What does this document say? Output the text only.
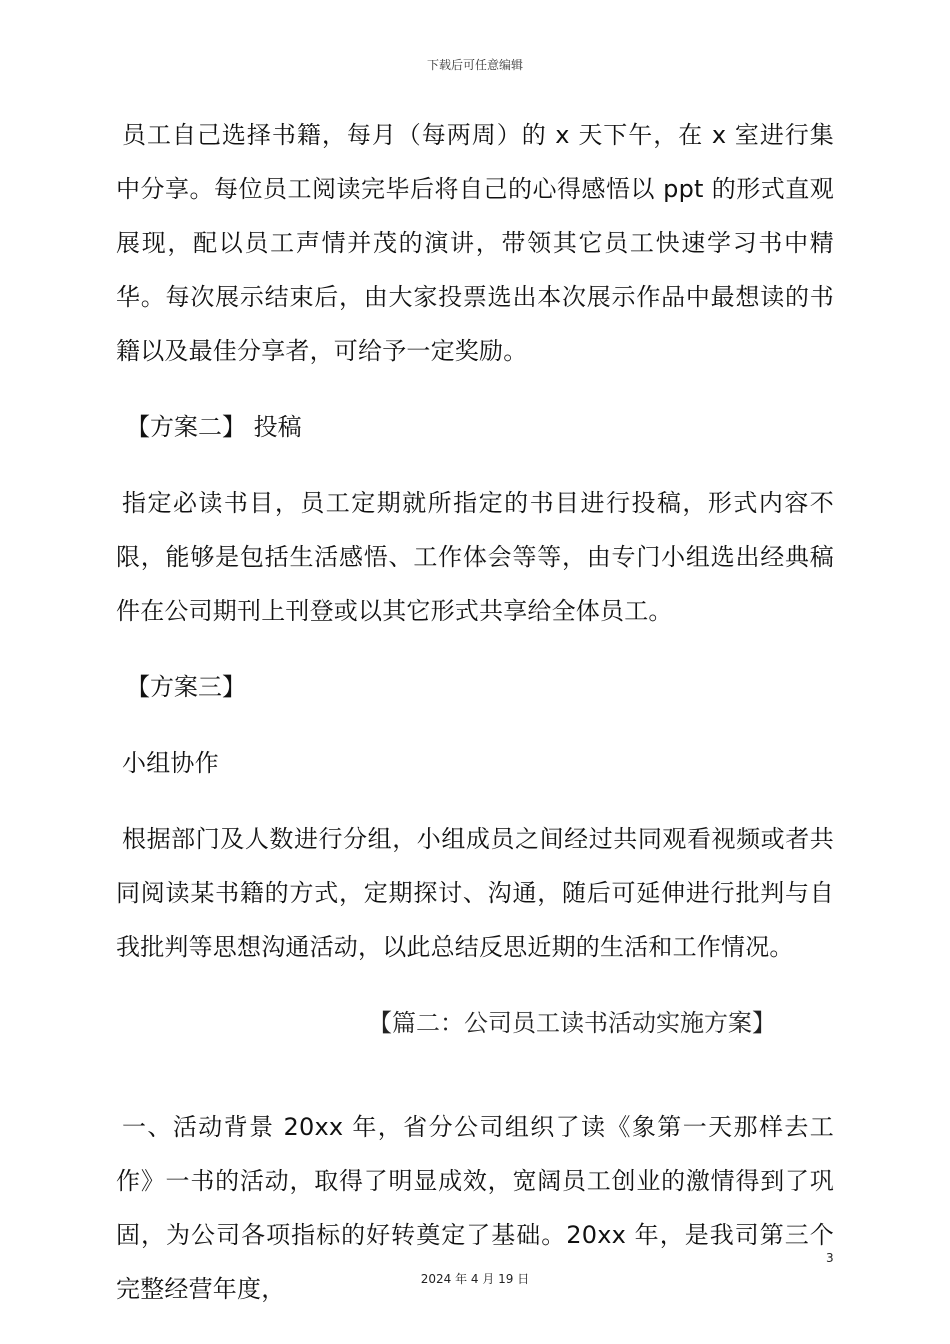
下载后可任意编辑

员工自己选择书籍，每月（每两周）的 x 天下午，在 x 室进行集中分享。每位员工阅读完毕后将自己的心得感悟以 ppt 的形式直观展现，配以员工声情并茂的演讲，带领其它员工快速学习书中精华。每次展示结束后，由大家投票选出本次展示作品中最想读的书籍以及最佳分享者，可给予一定奖励。

【方案二】 投稿

指定必读书目，员工定期就所指定的书目进行投稿，形式内容不限，能够是包括生活感悟、工作体会等等，由专门小组选出经典稿件在公司期刊上刊登或以其它形式共享给全体员工。

【方案三】

小组协作

根据部门及人数进行分组，小组成员之间经过共同观看视频或者共同阅读某书籍的方式，定期探讨、沟通，随后可延伸进行批判与自我批判等思想沟通活动，以此总结反思近期的生活和工作情况。

【篇二：公司员工读书活动实施方案】

一、活动背景 20xx 年，省分公司组织了读《象第一天那样去工作》一书的活动，取得了明显成效，宽阔员工创业的激情得到了巩固，为公司各项指标的好转奠定了基础。20xx 年，是我司第三个完整经营年度，

3
2024 年 4 月 19 日
